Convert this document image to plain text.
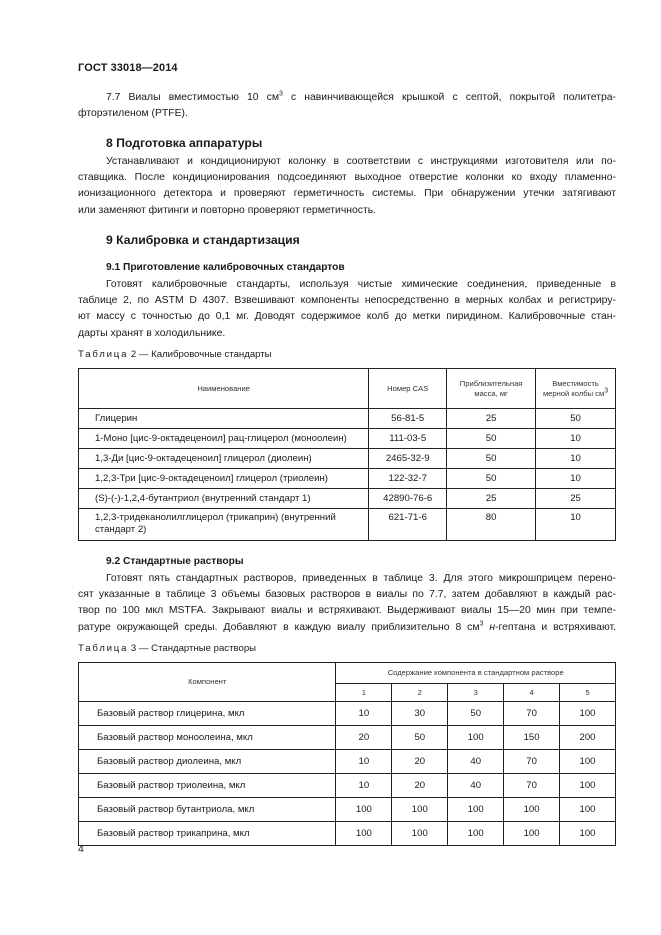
ГОСТ 33018—2014
7.7 Виалы вместимостью 10 $см^3$ с навинчивающейся крышкой с септой, покрытой политетра-
фторэтиленом (PTFE).
8 Подготовка аппаратуры
Устанавливают и кондиционируют колонку в соответствии с инструкциями изготовителя или по-
ставщика. После кондиционирования подсоединяют выходное отверстие колонки ко входу пламенно-
ионизационного детектора и проверяют герметичность системы. При обнаружении утечки затягивают
или заменяют фитинги и повторно проверяют герметичность.
9 Калибровка и стандартизация
9.1 Приготовление калибровочных стандартов
Готовят калибровочные стандарты, используя чистые химические соединения, приведенные в
таблице 2, по ASTM D 4307. Взвешивают компоненты непосредственно в мерных колбах и регистриру-
ют массу с точностью до 0,1 мг. Доводят содержимое колб до метки пиридином. Калибровочные стан-
дарты хранят в холодильнике.
Таблица 2 — Калибровочные стандарты
Наименование	Номер CAS	Приблизительная масса, мг	Вместимость мерной колбы см3
Глицерин	56-81-5	25	50
1-Моно [цис-9-октадеценоил] рац-глицерол (моноолеин)	111-03-5	50	10
1,3-Ди [цис-9-октадеценоил] глицерол (диолеин)	2465-32-9	50	10
1,2,3-Три [цис-9-октадеценоил] глицерол (триолеин)	122-32-7	50	10
(S)-(-)-1,2,4-бутантриол (внутренний стандарт 1)	42890-76-6	25	25
1,2,3-тридеканолилглицерол (трикаприн) (внутренний стандарт 2)	621-71-6	80	10
9.2 Стандартные растворы
Готовят пять стандартных растворов, приведенных в таблице 3. Для этого микрошприцем перено-
сят указанные в таблице 3 объемы базовых растворов в виалы по 7.7, затем добавляют в каждый рас-
твор по 100 мкл MSTFA. Закрывают виалы и встряхивают. Выдерживают виалы 15—20 мин при темпе-
ратуре окружающей среды. Добавляют в каждую виалу приблизительно 8 $см^3$ н-гептана и встряхивают.
Таблица 3 — Стандартные растворы
Компонент	Содержание компонента в стандартном растворе				
	1	2	3	4	5
Базовый раствор глицерина, мкл	10	30	50	70	100
Базовый раствор моноолеина, мкл	20	50	100	150	200
Базовый раствор диолеина, мкл	10	20	40	70	100
Базовый раствор триолеина, мкл	10	20	40	70	100
Базовый раствор бутантриола, мкл	100	100	100	100	100
Базовый раствор трикаприна, мкл	100	100	100	100	100
4
